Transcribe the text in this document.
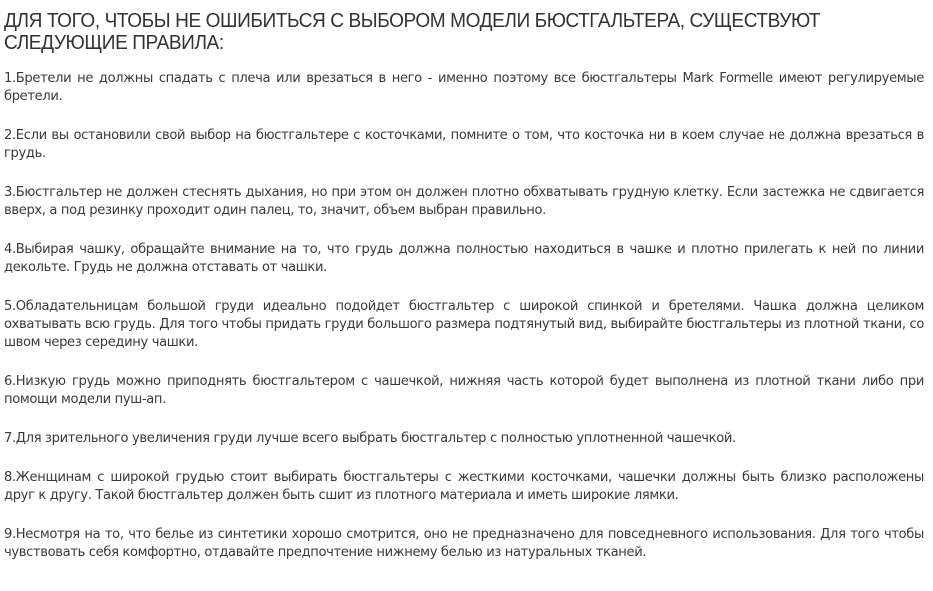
ДЛЯ ТОГО, ЧТОБЫ НЕ ОШИБИТЬСЯ С ВЫБОРОМ МОДЕЛИ БЮСТГАЛЬТЕРА, СУЩЕСТВУЮТ СЛЕДУЮЩИЕ ПРАВИЛА:
1.Бретели не должны спадать с плеча или врезаться в него - именно поэтому все бюстгальтеры Mark Formelle имеют регулируемые бретели.
2.Если вы остановили свой выбор на бюстгальтере с косточками, помните о том, что косточка ни в коем случае не должна врезаться в грудь.
3.Бюстгальтер не должен стеснять дыхания, но при этом он должен плотно обхватывать грудную клетку. Если застежка не сдвигается вверх, а под резинку проходит один палец, то, значит, объем выбран правильно.
4.Выбирая чашку, обращайте внимание на то, что грудь должна полностью находиться в чашке и плотно прилегать к ней по линии декольте. Грудь не должна отставать от чашки.
5.Обладательницам большой груди идеально подойдет бюстгальтер с широкой спинкой и бретелями. Чашка должна целиком охватывать всю грудь. Для того чтобы придать груди большого размера подтянутый вид, выбирайте бюстгальтеры из плотной ткани, со швом через середину чашки.
6.Низкую грудь можно приподнять бюстгальтером с чашечкой, нижняя часть которой будет выполнена из плотной ткани либо при помощи модели пуш-ап.
7.Для зрительного увеличения груди лучше всего выбрать бюстгальтер с полностью уплотненной чашечкой.
8.Женщинам с широкой грудью стоит выбирать бюстгальтеры с жесткими косточками, чашечки должны быть близко расположены друг к другу. Такой бюстгальтер должен быть сшит из плотного материала и иметь широкие лямки.
9.Несмотря на то, что белье из синтетики хорошо смотрится, оно не предназначено для повседневного использования. Для того чтобы чувствовать себя комфортно, отдавайте предпочтение нижнему белью из натуральных тканей.
